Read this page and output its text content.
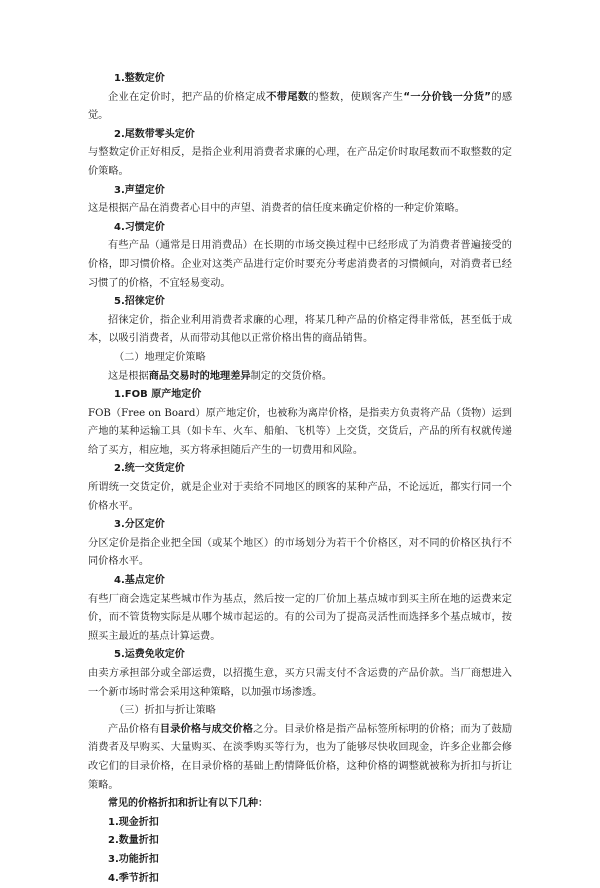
1.整数定价
企业在定价时，把产品的价格定成不带尾数的整数，使顾客产生“一分价钱一分货”的感觉。
2.尾数带零头定价
与整数定价正好相反，是指企业利用消费者求廉的心理，在产品定价时取尾数而不取整数的定价策略。
3.声望定价
这是根据产品在消费者心目中的声望、消费者的信任度来确定价格的一种定价策略。
4.习惯定价
有些产品（通常是日用消费品）在长期的市场交换过程中已经形成了为消费者普遍接受的价格，即习惯价格。企业对这类产品进行定价时要充分考虑消费者的习惯倾向，对消费者已经习惯了的价格，不宜轻易变动。
5.招徕定价
招徕定价，指企业利用消费者求廉的心理，将某几种产品的价格定得非常低，甚至低于成本，以吸引消费者，从而带动其他以正常价格出售的商品销售。
（二）地理定价策略
这是根据商品交易时的地理差异制定的交货价格。
1.FOB 原产地定价
FOB（Free on Board）原产地定价，也被称为离岸价格，是指卖方负责将产品（货物）运到产地的某种运输工具（如卡车、火车、船舶、飞机等）上交货，交货后，产品的所有权就传递给了买方，相应地，买方将承担随后产生的一切费用和风险。
2.统一交货定价
所谓统一交货定价，就是企业对于卖给不同地区的顾客的某种产品，不论远近，都实行同一个价格水平。
3.分区定价
分区定价是指企业把全国（或某个地区）的市场划分为若干个价格区，对不同的价格区执行不同价格水平。
4.基点定价
有些厂商会选定某些城市作为基点，然后按一定的厂价加上基点城市到买主所在地的运费来定价，而不管货物实际是从哪个城市起运的。有的公司为了提高灵活性而选择多个基点城市，按照买主最近的基点计算运费。
5.运费免收定价
由卖方承担部分或全部运费，以招揽生意，买方只需支付不含运费的产品价款。当厂商想进入一个新市场时常会采用这种策略，以加强市场渗透。
（三）折扣与折让策略
产品价格有目录价格与成交价格之分。目录价格是指产品标签所标明的价格；而为了鼓励消费者及早购买、大量购买、在淡季购买等行为，也为了能够尽快收回现金，许多企业都会修改它们的目录价格，在目录价格的基础上酌情降低价格，这种价格的调整就被称为折扣与折让策略。
常见的价格折扣和折让有以下几种：
1.现金折扣
2.数量折扣
3.功能折扣
4.季节折扣
